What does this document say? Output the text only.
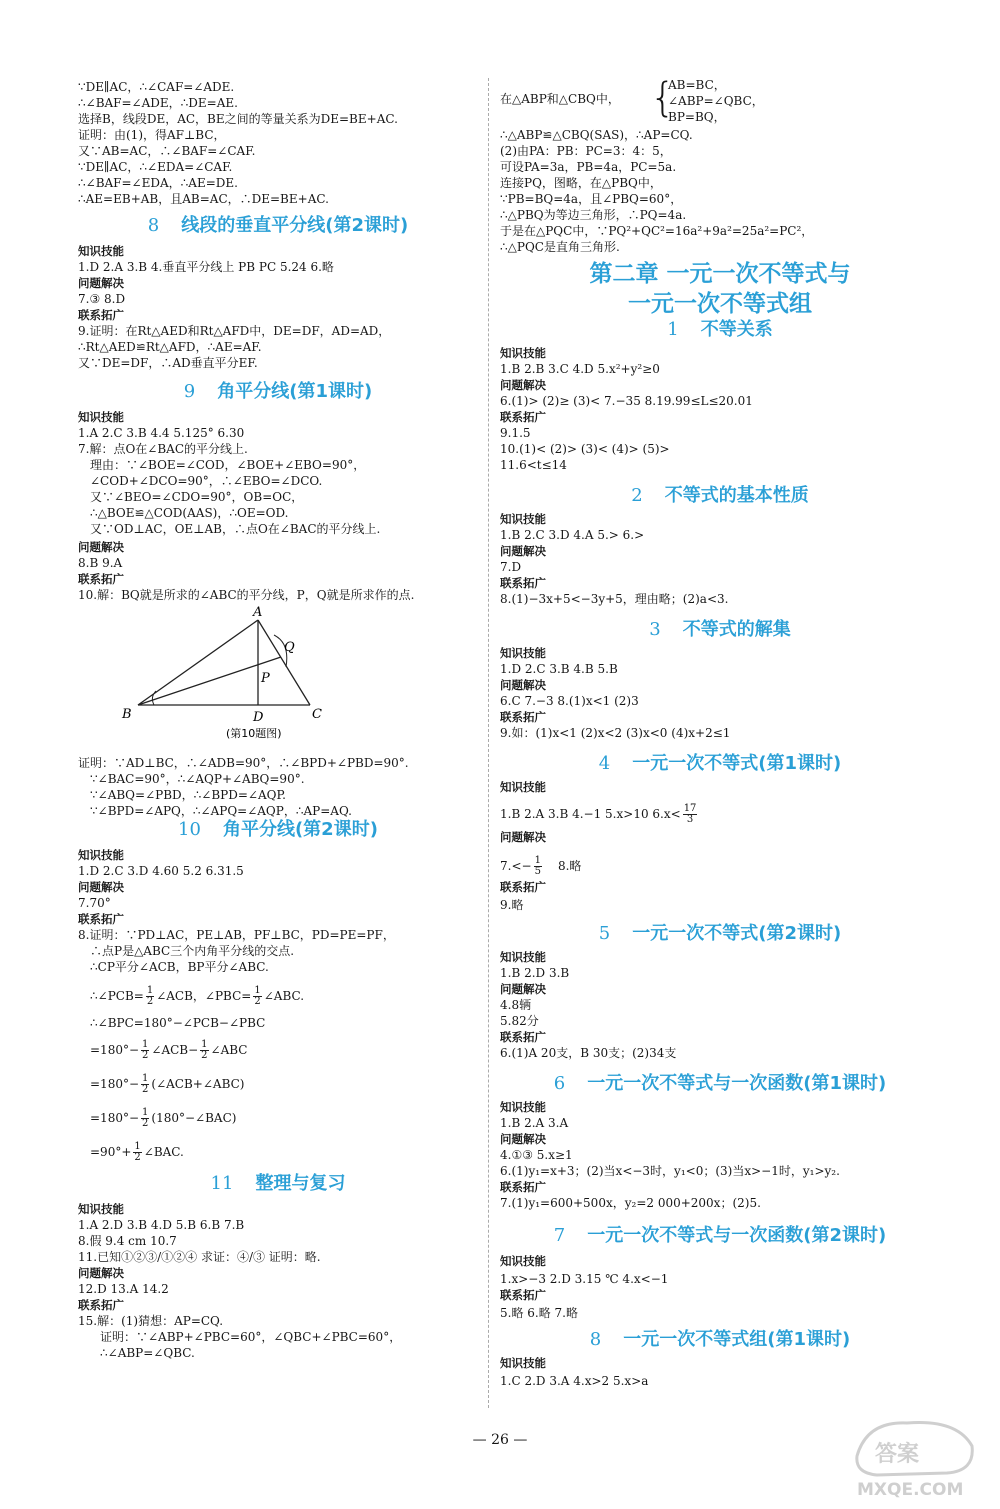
∵DE∥AC，∴∠CAF=∠ADE.
∴∠BAF=∠ADE，∴DE=AE.
选择B，线段DE，AC，BE之间的等量关系为DE=BE+AC.
证明：由(1)，得AF⊥BC，
又∵AB=AC，∴∠BAF=∠CAF.
∵DE∥AC，∴∠EDA=∠CAF.
∴∠BAF=∠EDA，∴AE=DE.
∴AE=EB+AB，且AB=AC，∴DE=BE+AC.
8 线段的垂直平分线(第2课时)
知识技能
1.D 2.A 3.B 4.垂直平分线上 PB PC 5.24 6.略
问题解决
7.③ 8.D
联系拓广
9.证明：在Rt△AED和Rt△AFD中，DE=DF，AD=AD，
∴Rt△AED≌Rt△AFD，∴AE=AF.
又∵DE=DF，∴AD垂直平分EF.
9 角平分线(第1课时)
知识技能
1.A 2.C 3.B 4.4 5.125° 6.30
7.解：点O在∠BAC的平分线上.
理由：∵∠BOE=∠COD，∠BOE+∠EBO=90°，
∠COD+∠DCO=90°，∴∠EBO=∠DCO.
又∵∠BEO=∠CDO=90°，OB=OC，
∴△BOE≌△COD(AAS)，∴OE=OD.
又∵OD⊥AC，OE⊥AB，∴点O在∠BAC的平分线上.
问题解决
8.B 9.A
联系拓广
10.解：BQ就是所求的∠ABC的平分线，P，Q就是所求作的点.
A
B	C
D
P
Q
(第10题图)
证明：∵AD⊥BC，∴∠ADB=90°，∴∠BPD+∠PBD=90°.
∵∠BAC=90°，∴∠AQP+∠ABQ=90°.
∵∠ABQ=∠PBD，∴∠BPD=∠AQP.
∵∠BPD=∠APQ，∴∠APQ=∠AQP，∴AP=AQ.
10 角平分线(第2课时)
知识技能
1.D 2.C 3.D 4.60 5.2 6.31.5
问题解决
7.70°
联系拓广
8.证明：∵PD⊥AC，PE⊥AB，PF⊥BC，PD=PE=PF，
∴点P是△ABC三个内角平分线的交点.
∴CP平分∠ACB，BP平分∠ABC.
∴∠PCB= $\frac{1}{2}$ ∠ACB，∠PBC= $\frac{1}{2}$ ∠ABC.
∴∠BPC=180°−∠PCB−∠PBC
$=180^\circ- \frac{1}{2}$ ∠ACB− $\frac{1}{2}$ ∠ABC
$=180^\circ- \frac{1}{2}$ (∠ACB+∠ABC)
$=180^\circ- \frac{1}{2}$ (180°−∠BAC)
$=90^\circ+ \frac{1}{2}$ ∠BAC.
11 整理与复习
知识技能
1.A 2.D 3.B 4.D 5.B 6.B 7.B
8.假 9.4 cm 10.7
11.已知①②③/①②④ 求证：④/③ 证明：略.
问题解决
12.D 13.A 14.2
联系拓广
15.解：(1)猜想：AP=CQ.
证明：∵∠ABP+∠PBC=60°，∠QBC+∠PBC=60°，
∴∠ABP=∠QBC.
在△ABP和△CBQ中， {
AB=BC，
∠ABP=∠QBC，
BP=BQ，
∴△ABP≌△CBQ(SAS)，∴AP=CQ.
(2)由PA：PB：PC=3：4：5，
可设PA=3a，PB=4a，PC=5a.
连接PQ，图略，在△PBQ中，
∵PB=BQ=4a，且∠PBQ=60°，
∴△PBQ为等边三角形，∴PQ=4a.
于是在△PQC中，∵PQ²+QC²=16a²+9a²=25a²=PC²，
∴△PQC是直角三角形.
第二章 一元一次不等式与
一元一次不等式组
1 不等关系
知识技能
1.B 2.B 3.C 4.D 5.x²+y²≥0
问题解决
6.(1)> (2)≥ (3)< 7.−35 8.19.99≤L≤20.01
联系拓广
9.1.5
10.(1)< (2)> (3)< (4)> (5)>
11.6<t≤14
2 不等式的基本性质
知识技能
1.B 2.C 3.D 4.A 5.> 6.>
问题解决
7.D
联系拓广
8.(1)−3x+5<−3y+5，理由略；(2)a<3.
3 不等式的解集
知识技能
1.D 2.C 3.B 4.B 5.B
问题解决
6.C 7.−3 8.(1)x<1 (2)3
联系拓广
9.如：(1)x<1 (2)x<2 (3)x<0 (4)x+2≤1
4 一元一次不等式(第1课时)
知识技能
1.B 2.A 3.B 4.−1 5.x>10 $6.x< \frac{17}{3}$
问题解决
$7.<- \frac{1}{5} 8$.略
联系拓广
9.略
5 一元一次不等式(第2课时)
知识技能
1.B 2.D 3.B
问题解决
4.8辆
5.82分
联系拓广
6.(1)A 20支，B 30支；(2)34支
6 一元一次不等式与一次函数(第1课时)
知识技能
1.B 2.A 3.A
问题解决
4.①③ 5.x≥1
6.(1)y₁=x+3；(2)当x<−3时，y₁<0；(3)当x>−1时，y₁>y₂.
联系拓广
7.(1)y₁=600+500x，y₂=2 000+200x；(2)5.
7 一元一次不等式与一次函数(第2课时)
知识技能
1.x>−3 2.D 3.15 ℃ 4.x<−1
联系拓广
5.略 6.略 7.略
8 一元一次不等式组(第1课时)
知识技能
1.C 2.D 3.A 4.x>2 5.x>a
— 26 —
答案
MXQE.COM
